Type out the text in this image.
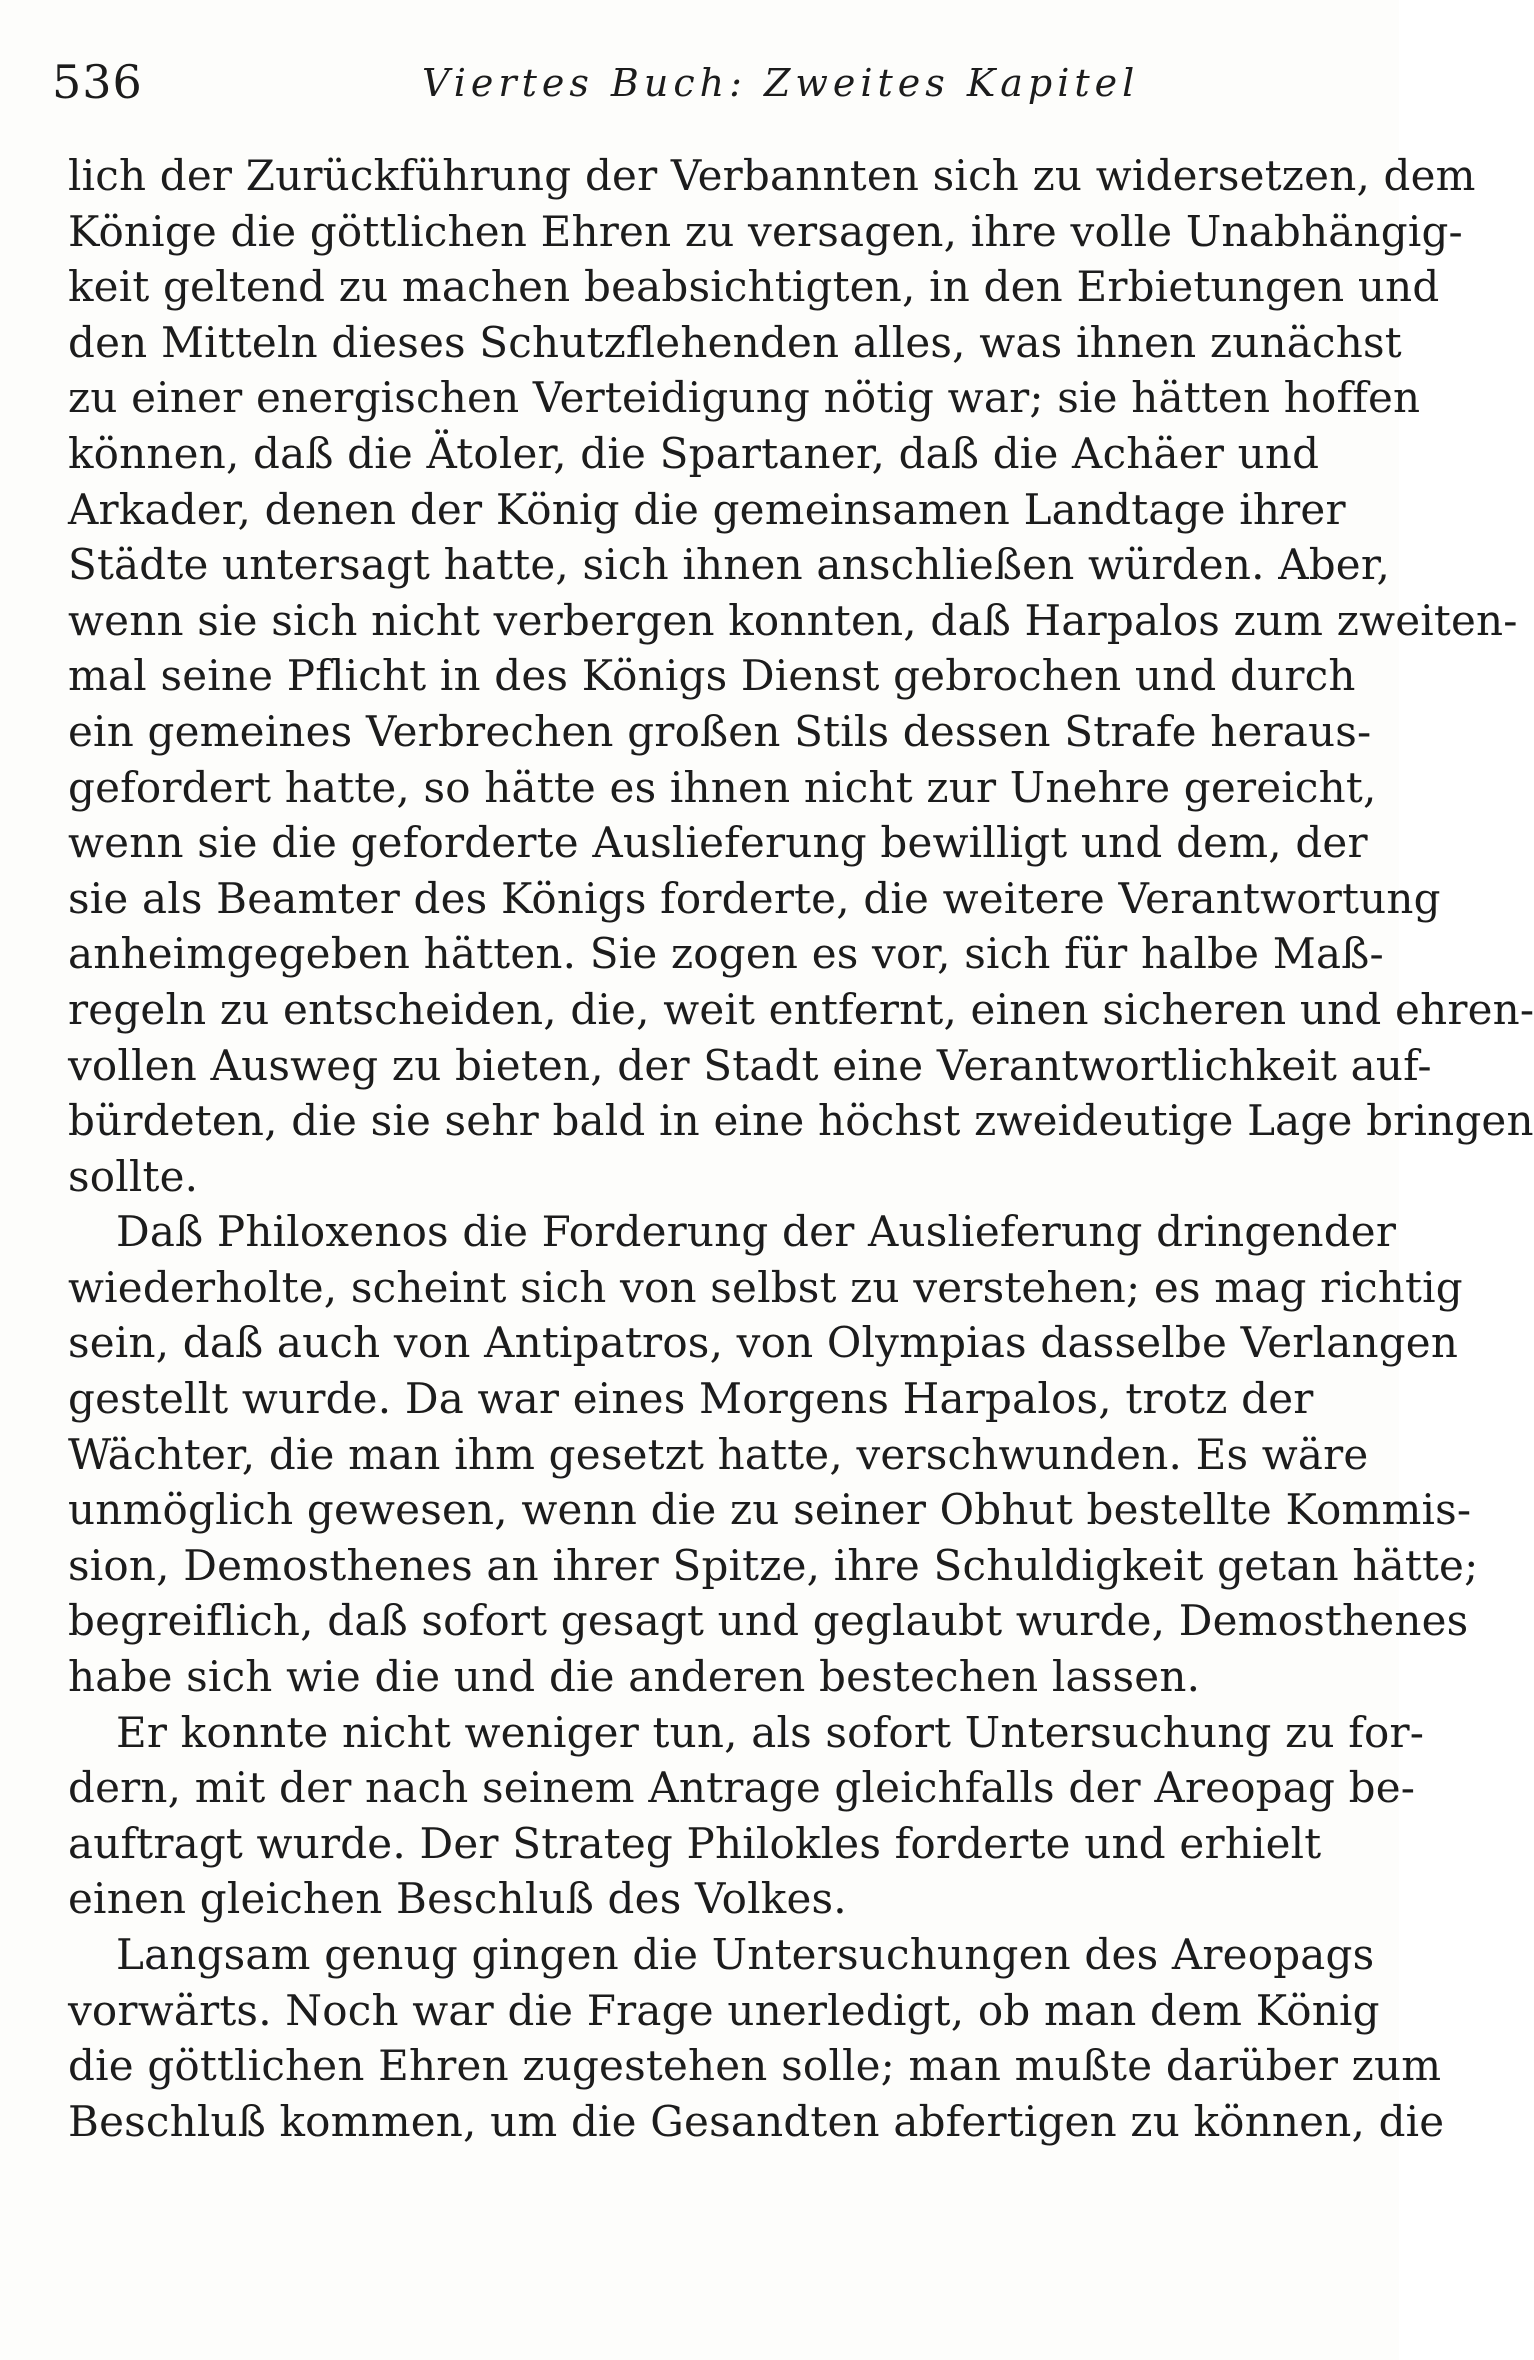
536	Viertes Buch: Zweites Kapitel
lich der Zurückführung der Verbannten sich zu widersetzen, dem
Könige die göttlichen Ehren zu versagen, ihre volle Unabhängig-
keit geltend zu machen beabsichtigten, in den Erbietungen und
den Mitteln dieses Schutzflehenden alles, was ihnen zunächst
zu einer energischen Verteidigung nötig war; sie hätten hoffen
können, daß die Ätoler, die Spartaner, daß die Achäer und
Arkader, denen der König die gemeinsamen Landtage ihrer
Städte untersagt hatte, sich ihnen anschließen würden. Aber,
wenn sie sich nicht verbergen konnten, daß Harpalos zum zweiten-
mal seine Pflicht in des Königs Dienst gebrochen und durch
ein gemeines Verbrechen großen Stils dessen Strafe heraus-
gefordert hatte, so hätte es ihnen nicht zur Unehre gereicht,
wenn sie die geforderte Auslieferung bewilligt und dem, der
sie als Beamter des Königs forderte, die weitere Verantwortung
anheimgegeben hätten. Sie zogen es vor, sich für halbe Maß-
regeln zu entscheiden, die, weit entfernt, einen sicheren und ehren-
vollen Ausweg zu bieten, der Stadt eine Verantwortlichkeit auf-
bürdeten, die sie sehr bald in eine höchst zweideutige Lage bringen
sollte.
Daß Philoxenos die Forderung der Auslieferung dringender
wiederholte, scheint sich von selbst zu verstehen; es mag richtig
sein, daß auch von Antipatros, von Olympias dasselbe Verlangen
gestellt wurde. Da war eines Morgens Harpalos, trotz der
Wächter, die man ihm gesetzt hatte, verschwunden. Es wäre
unmöglich gewesen, wenn die zu seiner Obhut bestellte Kommis-
sion, Demosthenes an ihrer Spitze, ihre Schuldigkeit getan hätte;
begreiflich, daß sofort gesagt und geglaubt wurde, Demosthenes
habe sich wie die und die anderen bestechen lassen.
Er konnte nicht weniger tun, als sofort Untersuchung zu for-
dern, mit der nach seinem Antrage gleichfalls der Areopag be-
auftragt wurde. Der Strateg Philokles forderte und erhielt
einen gleichen Beschluß des Volkes.
Langsam genug gingen die Untersuchungen des Areopags
vorwärts. Noch war die Frage unerledigt, ob man dem König
die göttlichen Ehren zugestehen solle; man mußte darüber zum
Beschluß kommen, um die Gesandten abfertigen zu können, die
